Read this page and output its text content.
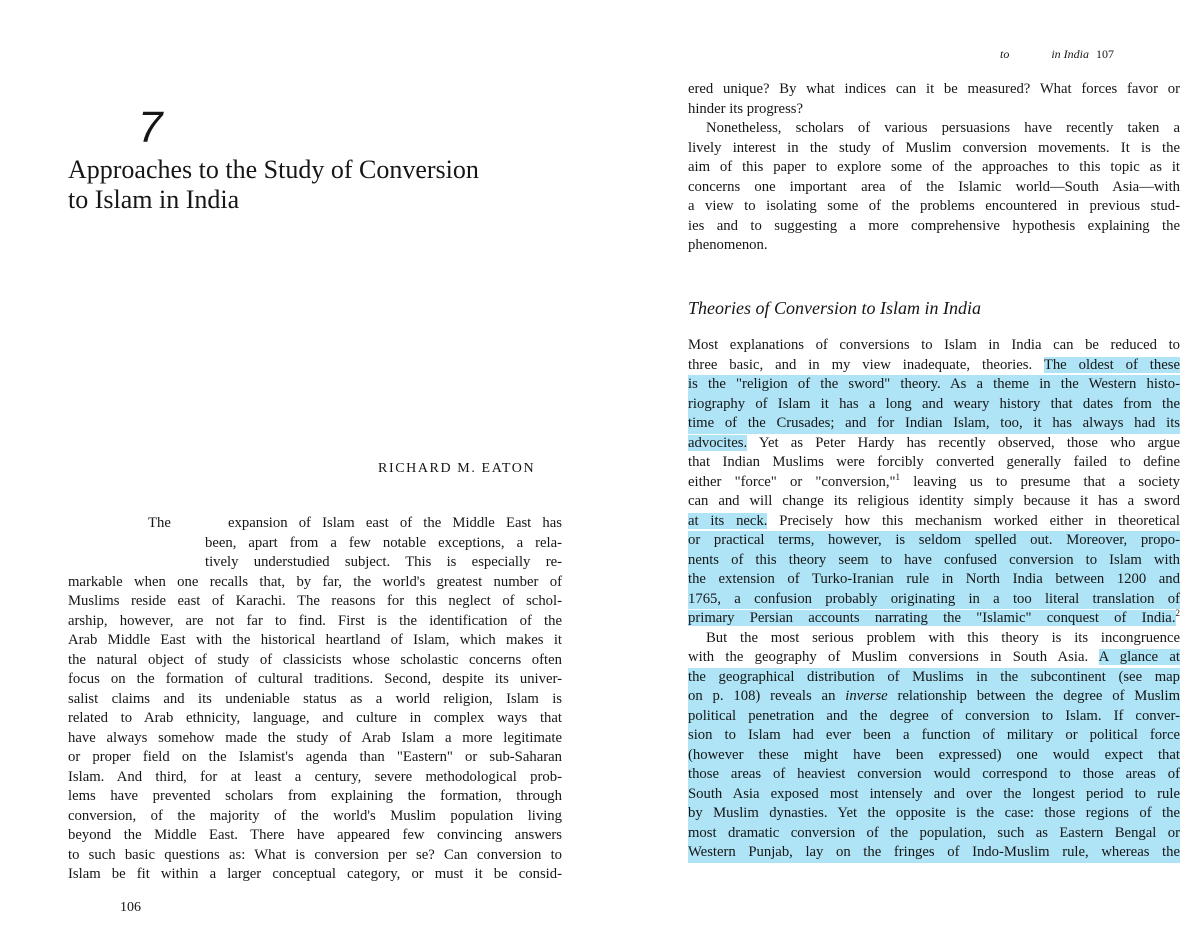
7
Approaches to the Study of Conversion
to Islam in India
RICHARD M. EATON
The	expansion of Islam east of the Middle East has
been, apart from a few notable exceptions, a rela-
tively understudied subject. This is especially re-
markable when one recalls that, by far, the world's greatest number of
Muslims reside east of Karachi. The reasons for this neglect of schol-
arship, however, are not far to find. First is the identification of the
Arab Middle East with the historical heartland of Islam, which makes it
the natural object of study of classicists whose scholastic concerns often
focus on the formation of cultural traditions. Second, despite its univer-
salist claims and its undeniable status as a world religion, Islam is
related to Arab ethnicity, language, and culture in complex ways that
have always somehow made the study of Arab Islam a more legitimate
or proper field on the Islamist's agenda than "Eastern" or sub-Saharan
Islam. And third, for at least a century, severe methodological prob-
lems have prevented scholars from explaining the formation, through
conversion, of the majority of the world's Muslim population living
beyond the Middle East. There have appeared few convincing answers
to such basic questions as: What is conversion per se? Can conversion to
Islam be fit within a larger conceptual category, or must it be consid-
106
to	in India 107
ered unique? By what indices can it be measured? What forces favor or
hinder its progress?
Nonetheless, scholars of various persuasions have recently taken a
lively interest in the study of Muslim conversion movements. It is the
aim of this paper to explore some of the approaches to this topic as it
concerns one important area of the Islamic world—South Asia—with
a view to isolating some of the problems encountered in previous stud-
ies and to suggesting a more comprehensive hypothesis explaining the
phenomenon.
Theories of Conversion to Islam in India
Most explanations of conversions to Islam in India can be reduced to
three basic, and in my view inadequate, theories. The oldest of these
is the "religion of the sword" theory. As a theme in the Western histo-
riography of Islam it has a long and weary history that dates from the
time of the Crusades; and for Indian Islam, too, it has always had its
advocites. Yet as Peter Hardy has recently observed, those who argue
that Indian Muslims were forcibly converted generally failed to define
either "force" or "conversion,"$^1$ leaving us to presume that a society
can and will change its religious identity simply because it has a sword
at its neck. Precisely how this mechanism worked either in theoretical
or practical terms, however, is seldom spelled out. Moreover, propo-
nents of this theory seem to have confused conversion to Islam with
the extension of Turko-Iranian rule in North India between 1200 and
1765, a confusion probably originating in a too literal translation of
primary Persian accounts narrating the "Islamic" conquest of India.$^2$
But the most serious problem with this theory is its incongruence
with the geography of Muslim conversions in South Asia. A glance at
the geographical distribution of Muslims in the subcontinent (see map
on p. 108) reveals an inverse relationship between the degree of Muslim
political penetration and the degree of conversion to Islam. If conver-
sion to Islam had ever been a function of military or political force
(however these might have been expressed) one would expect that
those areas of heaviest conversion would correspond to those areas of
South Asia exposed most intensely and over the longest period to rule
by Muslim dynasties. Yet the opposite is the case: those regions of the
most dramatic conversion of the population, such as Eastern Bengal or
Western Punjab, lay on the fringes of Indo-Muslim rule, whereas the
